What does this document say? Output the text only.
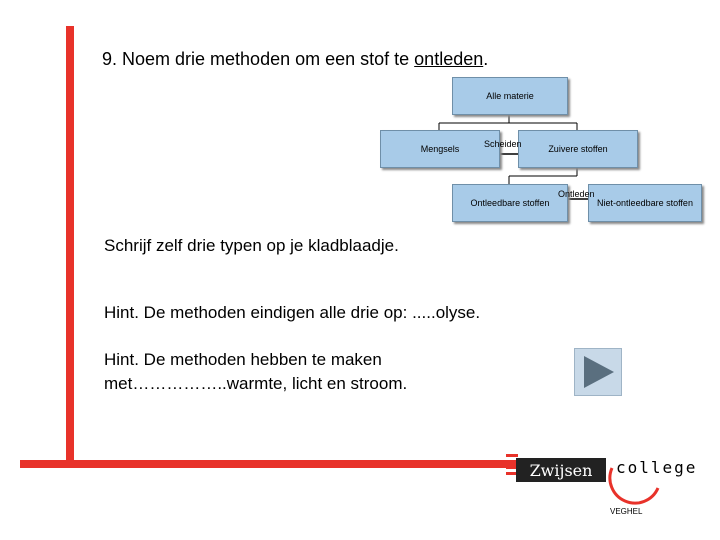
9. Noem drie methoden om een stof te ontleden.
Alle materie
Mengsels	Zuivere stoffen
Ontleedbare stoffen	Niet-ontleedbare stoffen
Scheiden
Ontleden
Schrijf zelf drie typen op je kladblaadje.
Hint. De methoden eindigen alle drie op: .....olyse.
Hint. De methoden hebben te maken
met……………..warmte, licht en stroom.
Zwijsen	college
VEGHEL
